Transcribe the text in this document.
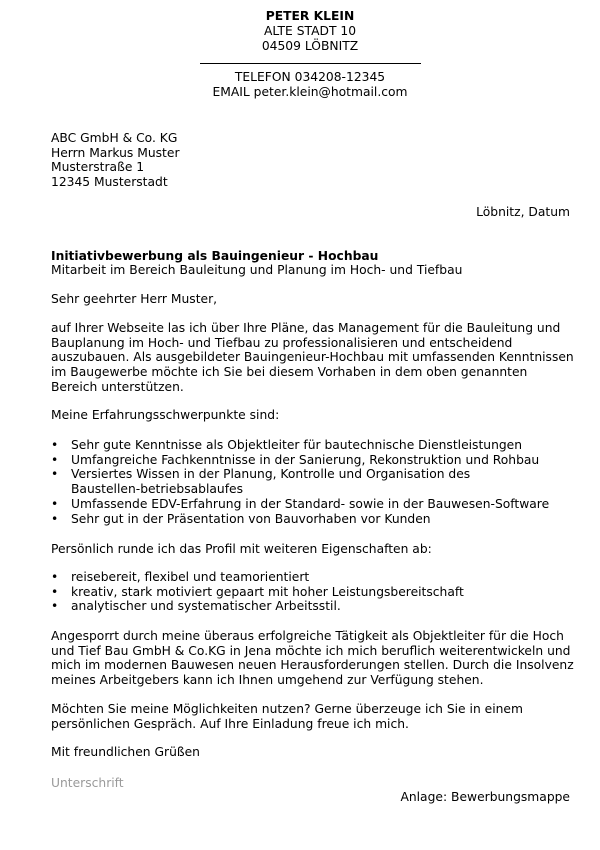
PETER KLEIN
ALTE STADT 10
04509 LÖBNITZ
TELEFON 034208-12345
EMAIL peter.klein@hotmail.com
ABC GmbH & Co. KG
Herrn Markus Muster
Musterstraße 1
12345 Musterstadt
Löbnitz, Datum
Initiativbewerbung als Bauingenieur - Hochbau
Mitarbeit im Bereich Bauleitung und Planung im Hoch- und Tiefbau
Sehr geehrter Herr Muster,
auf Ihrer Webseite las ich über Ihre Pläne, das Management für die Bauleitung und Bauplanung im Hoch- und Tiefbau zu professionalisieren und entscheidend auszubauen. Als ausgebildeter Bauingenieur-Hochbau mit umfassenden Kenntnissen im Baugewerbe möchte ich Sie bei diesem Vorhaben in dem oben genannten Bereich unterstützen.
Meine Erfahrungsschwerpunkte sind:
• Sehr gute Kenntnisse als Objektleiter für bautechnische Dienstleistungen
• Umfangreiche Fachkenntnisse in der Sanierung, Rekonstruktion und Rohbau
• Versiertes Wissen in der Planung, Kontrolle und Organisation des Baustellen-betriebsablaufes
• Umfassende EDV-Erfahrung in der Standard- sowie in der Bauwesen-Software
• Sehr gut in der Präsentation von Bauvorhaben vor Kunden
Persönlich runde ich das Profil mit weiteren Eigenschaften ab:
• reisebereit, flexibel und teamorientiert
• kreativ, stark motiviert gepaart mit hoher Leistungsbereitschaft
• analytischer und systematischer Arbeitsstil.
Angesporrt durch meine überaus erfolgreiche Tätigkeit als Objektleiter für die Hoch und Tief Bau GmbH & Co.KG in Jena möchte ich mich beruflich weiterentwickeln und mich im modernen Bauwesen neuen Herausforderungen stellen. Durch die Insolvenz meines Arbeitgebers kann ich Ihnen umgehend zur Verfügung stehen.
Möchten Sie meine Möglichkeiten nutzen? Gerne überzeuge ich Sie in einem persönlichen Gespräch. Auf Ihre Einladung freue ich mich.
Mit freundlichen Grüßen
Unterschrift
Anlage: Bewerbungsmappe
